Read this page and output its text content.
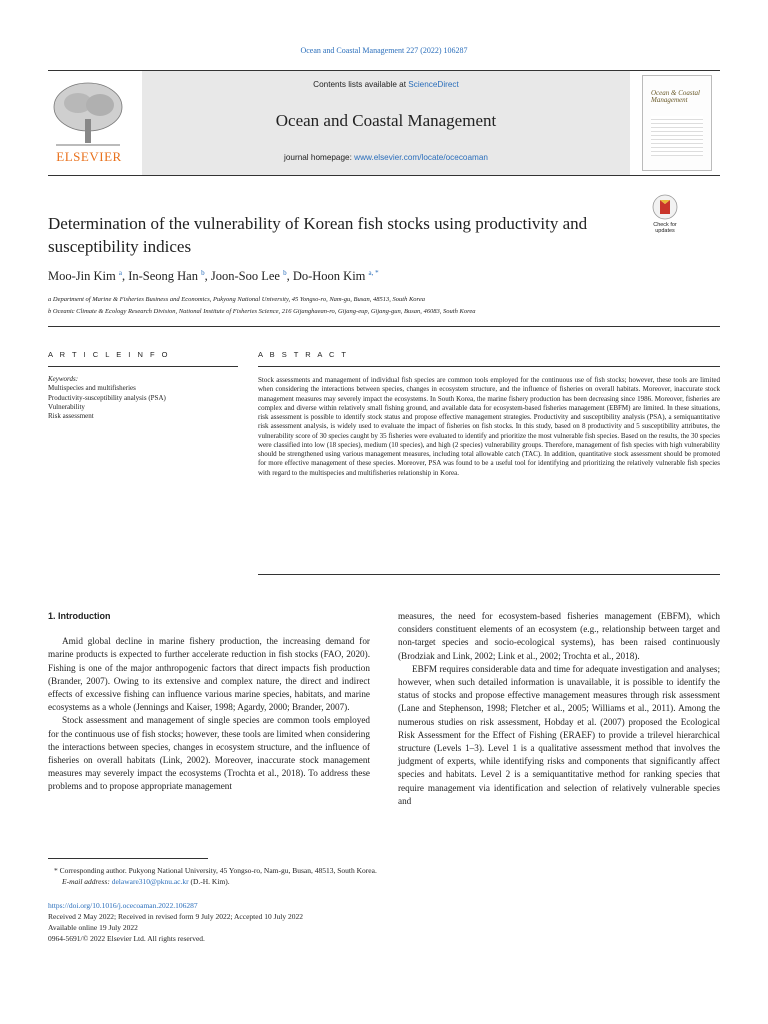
Ocean and Coastal Management 227 (2022) 106287
ELSEVIER
Contents lists available at ScienceDirect
Ocean and Coastal Management
journal homepage: www.elsevier.com/locate/ocecoaman
Ocean & Coastal Management
Determination of the vulnerability of Korean fish stocks using productivity and susceptibility indices
Check for updates
Moo-Jin Kim $^a$, In-Seong Han $^b$, Joon-Soo Lee $^b$, Do-Hoon Kim $^{a, *}$
a Department of Marine & Fisheries Business and Economics, Pukyong National University, 45 Yongso-ro, Nam-gu, Busan, 48513, South Korea
b Oceanic Climate & Ecology Research Division, National Institute of Fisheries Science, 216 Gijanghaean-ro, Gijang-eup, Gijang-gun, Busan, 46083, South Korea
A R T I C L E I N F O	A B S T R A C T
Keywords:
Multispecies and multifisheries
Productivity-susceptibility analysis (PSA)
Vulnerability
Risk assessment
Stock assessments and management of individual fish species are common tools employed for the continuous use of fish stocks; however, these tools are limited when considering the interactions between species, changes in ecosystem structure, and the influence of fisheries on overall habitats. Moreover, inaccurate stock management measures may severely impact the ecosystems. In South Korea, the marine fishery production has been decreasing since 1986. Moreover, fisheries are complex and diverse within relatively small fishing ground, and available data for ecosystem-based fisheries management (EBFM) are limited. In these situations, risk assessment is possible to identify stock status and propose effective management strategies. Productivity and susceptibility analysis (PSA), a semiquantitative risk assessment analysis, is widely used to evaluate the impact of fisheries on fish stocks. In this study, based on 8 productivity and 5 susceptibility attributes, the vulnerability score of 30 species caught by 35 fisheries were evaluated to identify and prioritize the most vulnerable fish species. Based on the results, the 30 species were classified into low (18 species), medium (10 species), and high (2 species) vulnerability groups. Therefore, management of fish species with high vulnerability should be strengthened using various management measures, including total allowable catch (TAC). In addition, quantitative stock assessment should be promoted for more effective management of these species. Moreover, PSA was found to be a useful tool for identifying and prioritizing the relatively vulnerable fish species with regard to the multispecies and multifisheries relationship in Korea.
1. Introduction

Amid global decline in marine fishery production, the increasing demand for marine products is expected to further accelerate reduction in fish stocks (FAO, 2020). Fishing is one of the major anthropogenic factors that direct impacts fish production (Brander, 2007). Owing to its extensive and complex nature, the direct and indirect effects of excessive fishing can influence various marine species, habitats, and marine ecosystems as a whole (Jennings and Kaiser, 1998; Agardy, 2000; Brander, 2007).

Stock assessment and management of single species are common tools employed for the continuous use of fish stocks; however, these tools are limited when considering the interactions between species, changes in ecosystem structure, and the influence of fisheries on overall habitats (Link, 2002). Moreover, inaccurate stock management measures may severely impact the ecosystems (Trochta et al., 2018). To address these problems and to propose appropriate management

measures, the need for ecosystem-based fisheries management (EBFM), which considers constituent elements of an ecosystem (e.g., relationship between target and non-target species and socio-ecological systems), has been raised continuously (Brodziak and Link, 2002; Link et al., 2002; Trochta et al., 2018).

EBFM requires considerable data and time for adequate investigation and analyses; however, when such detailed information is unavailable, it is possible to identify the status of stocks and propose effective management measures through risk assessment (Lane and Stephenson, 1998; Fletcher et al., 2005; Williams et al., 2011). Among the numerous studies on risk assessment, Hobday et al. (2007) proposed the Ecological Risk Assessment for the Effect of Fishing (ERAEF) to provide a trilevel hierarchical structure (Levels 1–3). Level 1 is a qualitative assessment method that involves the judgment of experts, while identifying risks and components that significantly affect species and habitats. Level 2 is a semiquantitative method for ranking species that require management via identification and selection of relatively vulnerable species and

* Corresponding author. Pukyong National University, 45 Yongso-ro, Nam-gu, Busan, 48513, South Korea.
E-mail address: delaware310@pknu.ac.kr (D.-H. Kim).
https://doi.org/10.1016/j.ocecoaman.2022.106287
Received 2 May 2022; Received in revised form 9 July 2022; Accepted 10 July 2022
Available online 19 July 2022
0964-5691/© 2022 Elsevier Ltd. All rights reserved.
